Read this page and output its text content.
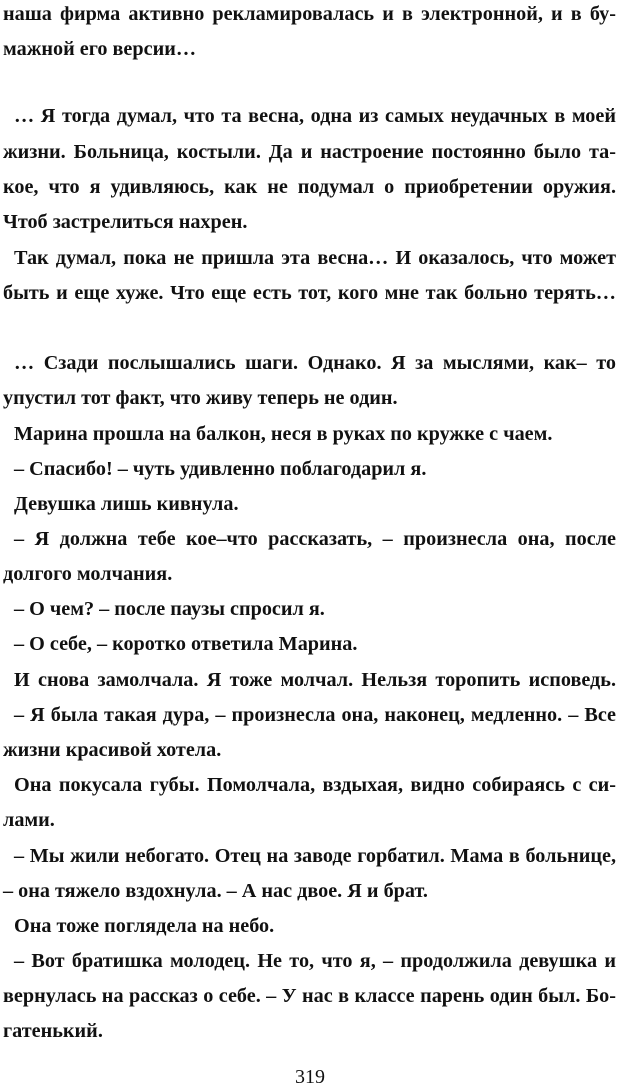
наша фирма активно рекламировалась и в электронной, и в бу-
мажной его версии…
… Я тогда думал, что та весна, одна из самых неудачных в моей
жизни. Больница, костыли. Да и настроение постоянно было та-
кое, что я удивляюсь, как не подумал о приобретении оружия.
Чтоб застрелиться нахрен.
Так думал, пока не пришла эта весна… И оказалось, что может
быть и еще хуже. Что еще есть тот, кого мне так больно терять…
… Сзади послышались шаги. Однако. Я за мыслями, как– то
упустил тот факт, что живу теперь не один.
Марина прошла на балкон, неся в руках по кружке с чаем.
– Спасибо! – чуть удивленно поблагодарил я.
Девушка лишь кивнула.
– Я должна тебе кое–что рассказать, – произнесла она, после
долгого молчания.
– О чем? – после паузы спросил я.
– О себе, – коротко ответила Марина.
И снова замолчала. Я тоже молчал. Нельзя торопить исповедь.
– Я была такая дура, – произнесла она, наконец, медленно. – Все
жизни красивой хотела.
Она покусала губы. Помолчала, вздыхая, видно собираясь с си-
лами.
– Мы жили небогато. Отец на заводе горбатил. Мама в больнице,
– она тяжело вздохнула. – А нас двое. Я и брат.
Она тоже поглядела на небо.
– Вот братишка молодец. Не то, что я, – продолжила девушка и
вернулась на рассказ о себе. – У нас в классе парень один был. Бо-
гатенький.
319
